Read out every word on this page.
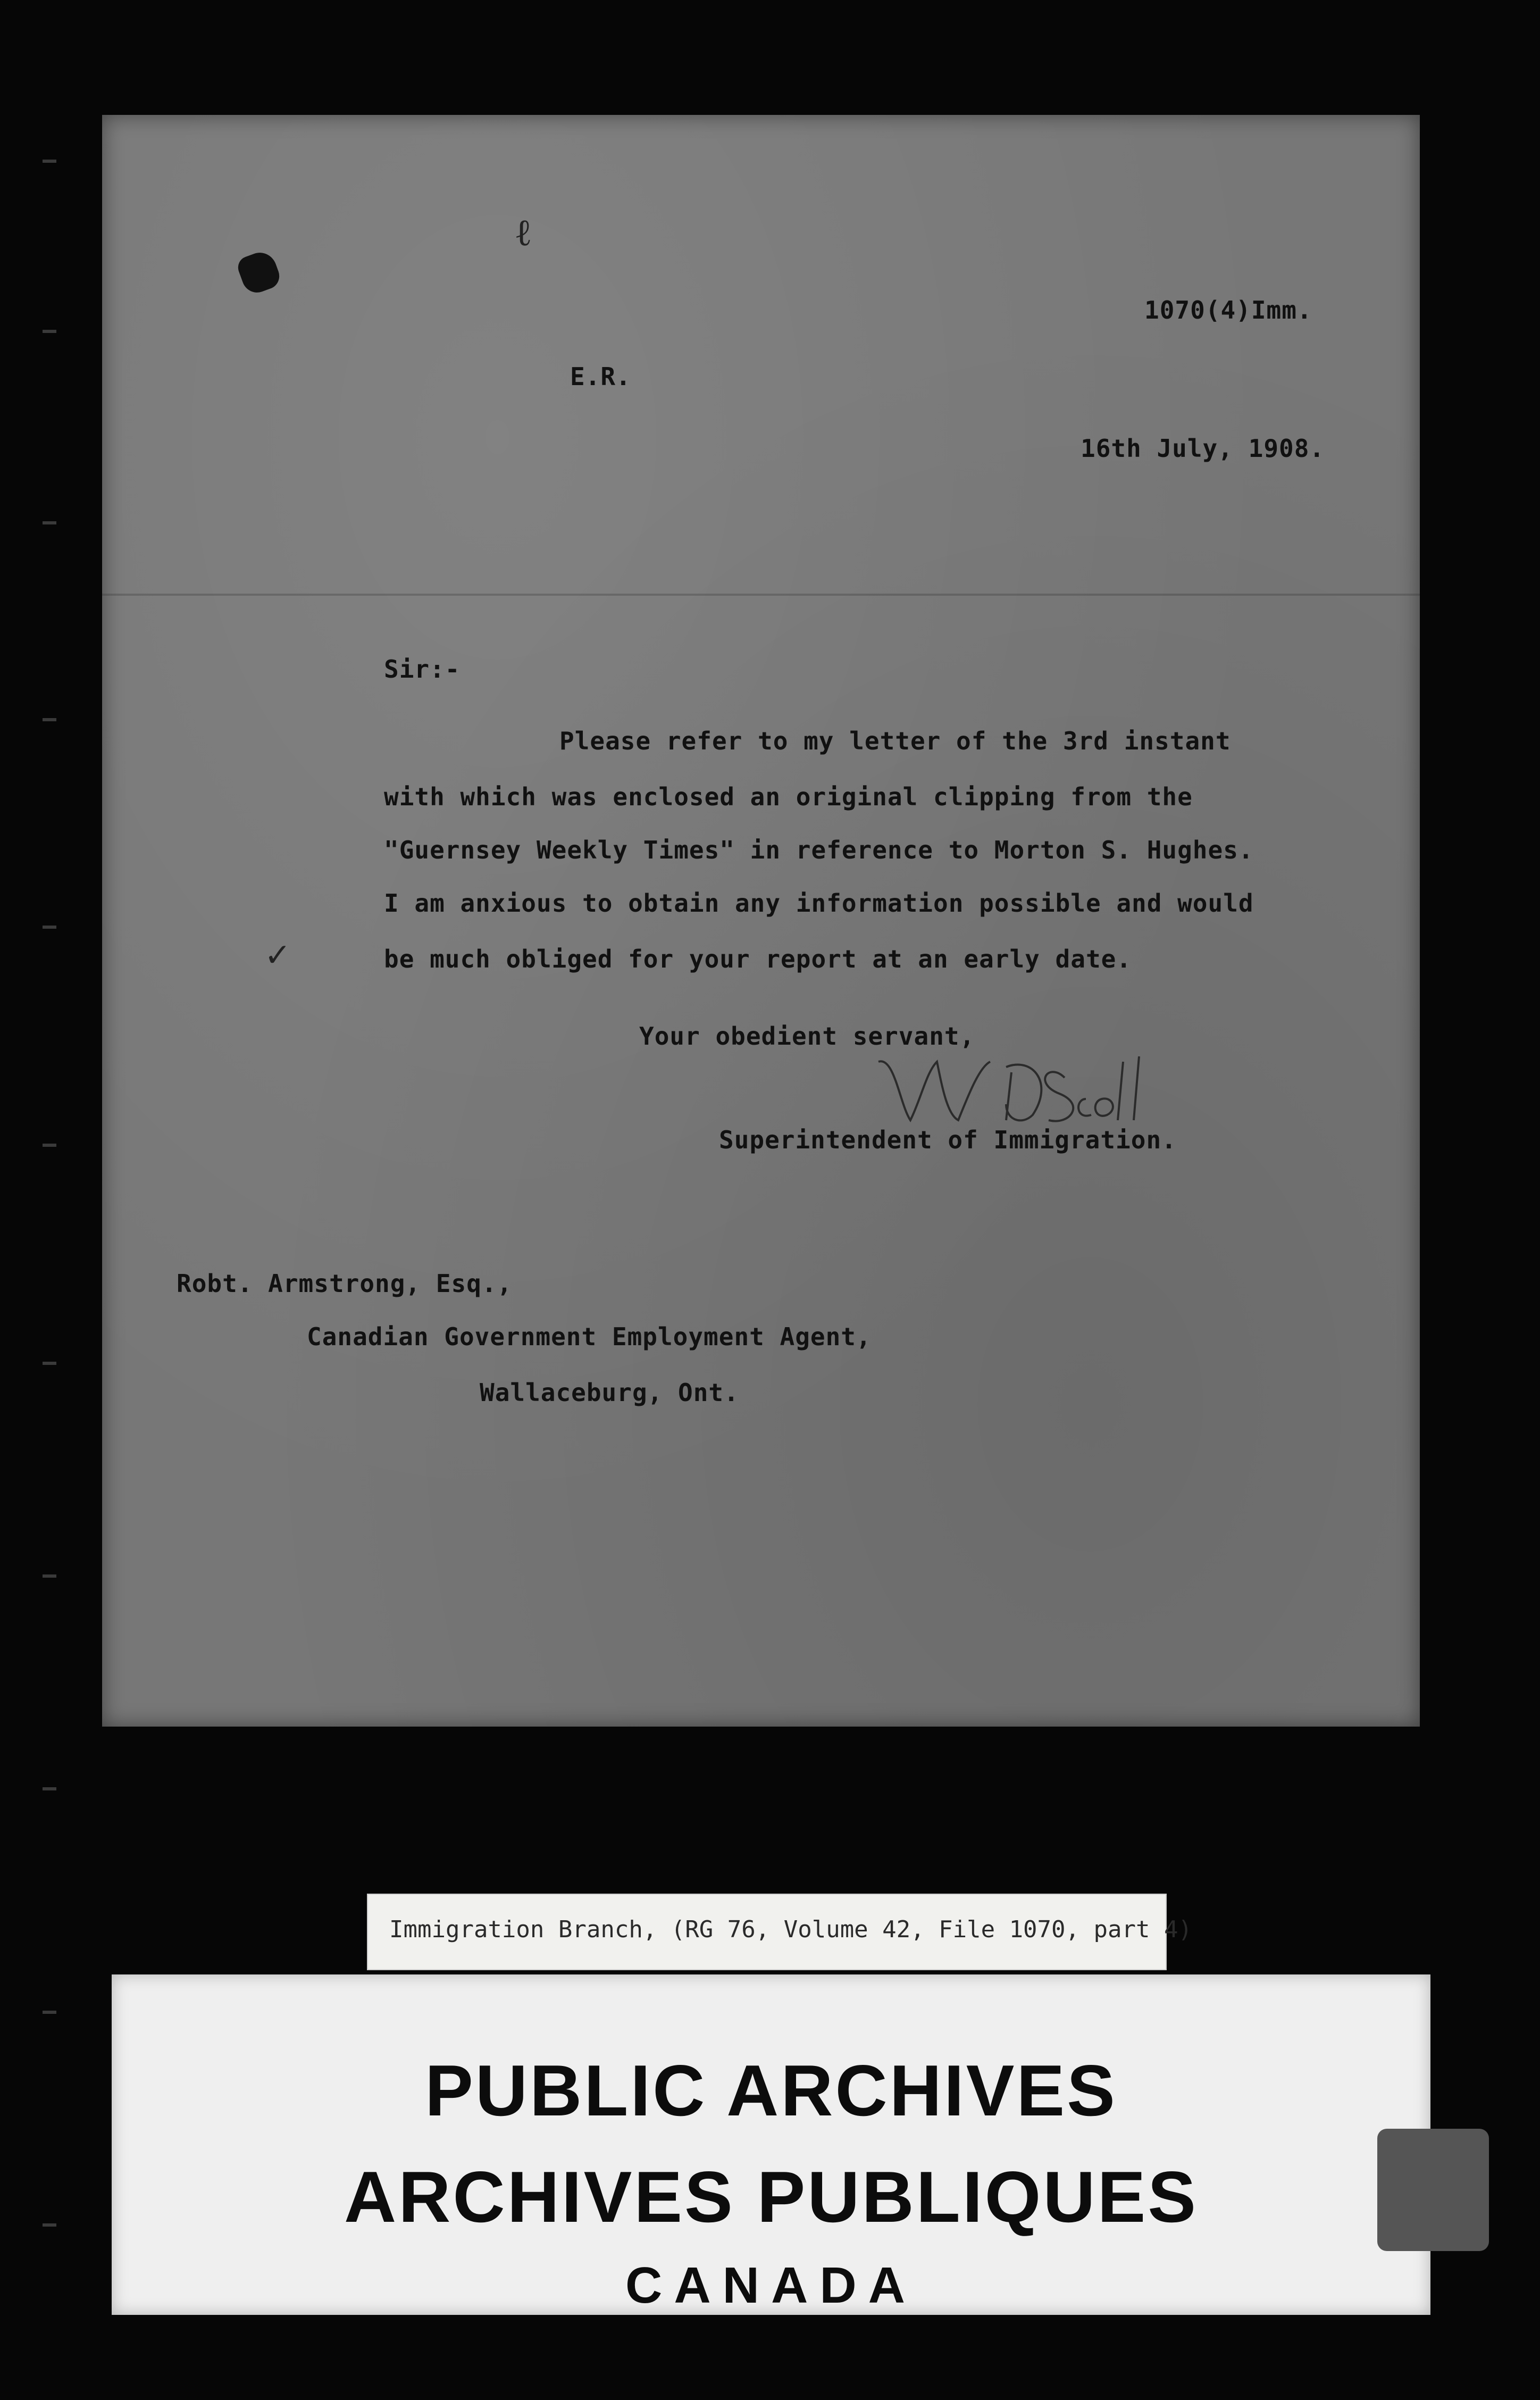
ℓ
1070(4)Imm.
E.R.
16th July, 1908.
Sir:-
Please refer to my letter of the 3rd instant
with which was enclosed an original clipping from the
"Guernsey Weekly Times" in reference to Morton S. Hughes.
I am anxious to obtain any information possible and would
be much obliged for your report at an early date.
✓
Your obedient servant,
Superintendent of Immigration.
Robt. Armstrong, Esq.,
Canadian Government Employment Agent,
Wallaceburg, Ont.
Immigration Branch, (RG 76, Volume 42, File 1070, part 4)
PUBLIC ARCHIVES
ARCHIVES PUBLIQUES
CANADA
